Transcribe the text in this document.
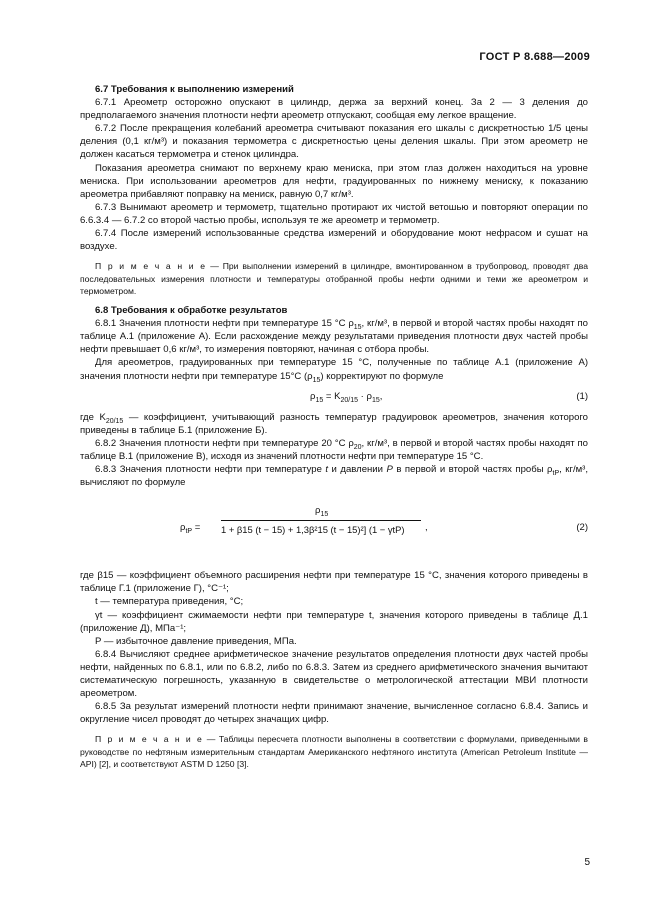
ГОСТ Р 8.688—2009

6.7 Требования к выполнению измерений

6.7.1 Ареометр осторожно опускают в цилиндр, держа за верхний конец. За 2 — 3 деления до предполагаемого значения плотности нефти ареометр отпускают, сообщая ему легкое вращение.

6.7.2 После прекращения колебаний ареометра считывают показания его шкалы с дискретностью 1/5 цены деления (0,1 кг/м³) и показания термометра с дискретностью цены деления шкалы. При этом ареометр не должен касаться термометра и стенок цилиндра.

Показания ареометра снимают по верхнему краю мениска, при этом глаз должен находиться на уровне мениска. При использовании ареометров для нефти, градуированных по нижнему мениску, к показанию ареометра прибавляют поправку на мениск, равную 0,7 кг/м³.

6.7.3 Вынимают ареометр и термометр, тщательно протирают их чистой ветошью и повторяют операции по 6.6.3.4 — 6.7.2 со второй частью пробы, используя те же ареометр и термометр.

6.7.4 После измерений использованные средства измерений и оборудование моют нефрасом и сушат на воздухе.

П р и м е ч а н и е — При выполнении измерений в цилиндре, вмонтированном в трубопровод, проводят два последовательных измерения плотности и температуры отобранной пробы нефти одними и теми же ареометром и термометром.

6.8 Требования к обработке результатов

6.8.1 Значения плотности нефти при температуре 15 °С $\rho_{15}$, кг/м³, в первой и второй частях пробы находят по таблице А.1 (приложение А). Если расхождение между результатами приведения плотности двух частей пробы нефти превышает 0,6 кг/м³, то измерения повторяют, начиная с отбора пробы.

Для ареометров, градуированных при температуре 15 °С, полученные по таблице А.1 (приложение А) значения плотности нефти при температуре 15°С $(\rho_{15})$ корректируют по формуле

$\rho_{15} = K_{20/15} \cdot \rho_{15}$,	(1)

где $K_{20/15}$ — коэффициент, учитывающий разность температур градуировок ареометров, значения которого приведены в таблице Б.1 (приложение Б).

6.8.2 Значения плотности нефти при температуре 20 °С $\rho_{20}$, кг/м³, в первой и второй частях пробы находят по таблице В.1 (приложение В), исходя из значений плотности нефти при температуре 15 °С.

6.8.3 Значения плотности нефти при температуре t и давлении P в первой и второй частях пробы $\rho_{tP}$, кг/м³, вычисляют по формуле

$\rho_{tP}$ =
$\rho_{15}$
1 + β15 (t − 15) + 1,3β²15 (t − 15)²] (1 − γtP) ,	(2)

где β15 — коэффициент объемного расширения нефти при температуре 15 °С, значения которого приведены в таблице Г.1 (приложение Г), °С⁻¹;

t — температура приведения, °С;

γt — коэффициент сжимаемости нефти при температуре t, значения которого приведены в таблице Д.1 (приложение Д), МПа⁻¹;

P — избыточное давление приведения, МПа.

6.8.4 Вычисляют среднее арифметическое значение результатов определения плотности двух частей пробы нефти, найденных по 6.8.1, или по 6.8.2, либо по 6.8.3. Затем из среднего арифметического значения вычитают систематическую погрешность, указанную в свидетельстве о метрологической аттестации МВИ плотности ареометром.

6.8.5 За результат измерений плотности нефти принимают значение, вычисленное согласно 6.8.4. Запись и округление чисел проводят до четырех значащих цифр.

П р и м е ч а н и е — Таблицы пересчета плотности выполнены в соответствии с формулами, приведенными в руководстве по нефтяным измерительным стандартам Американского нефтяного института (American Petroleum Institute — API) [2], и соответствуют ASTM D 1250 [3].

5
